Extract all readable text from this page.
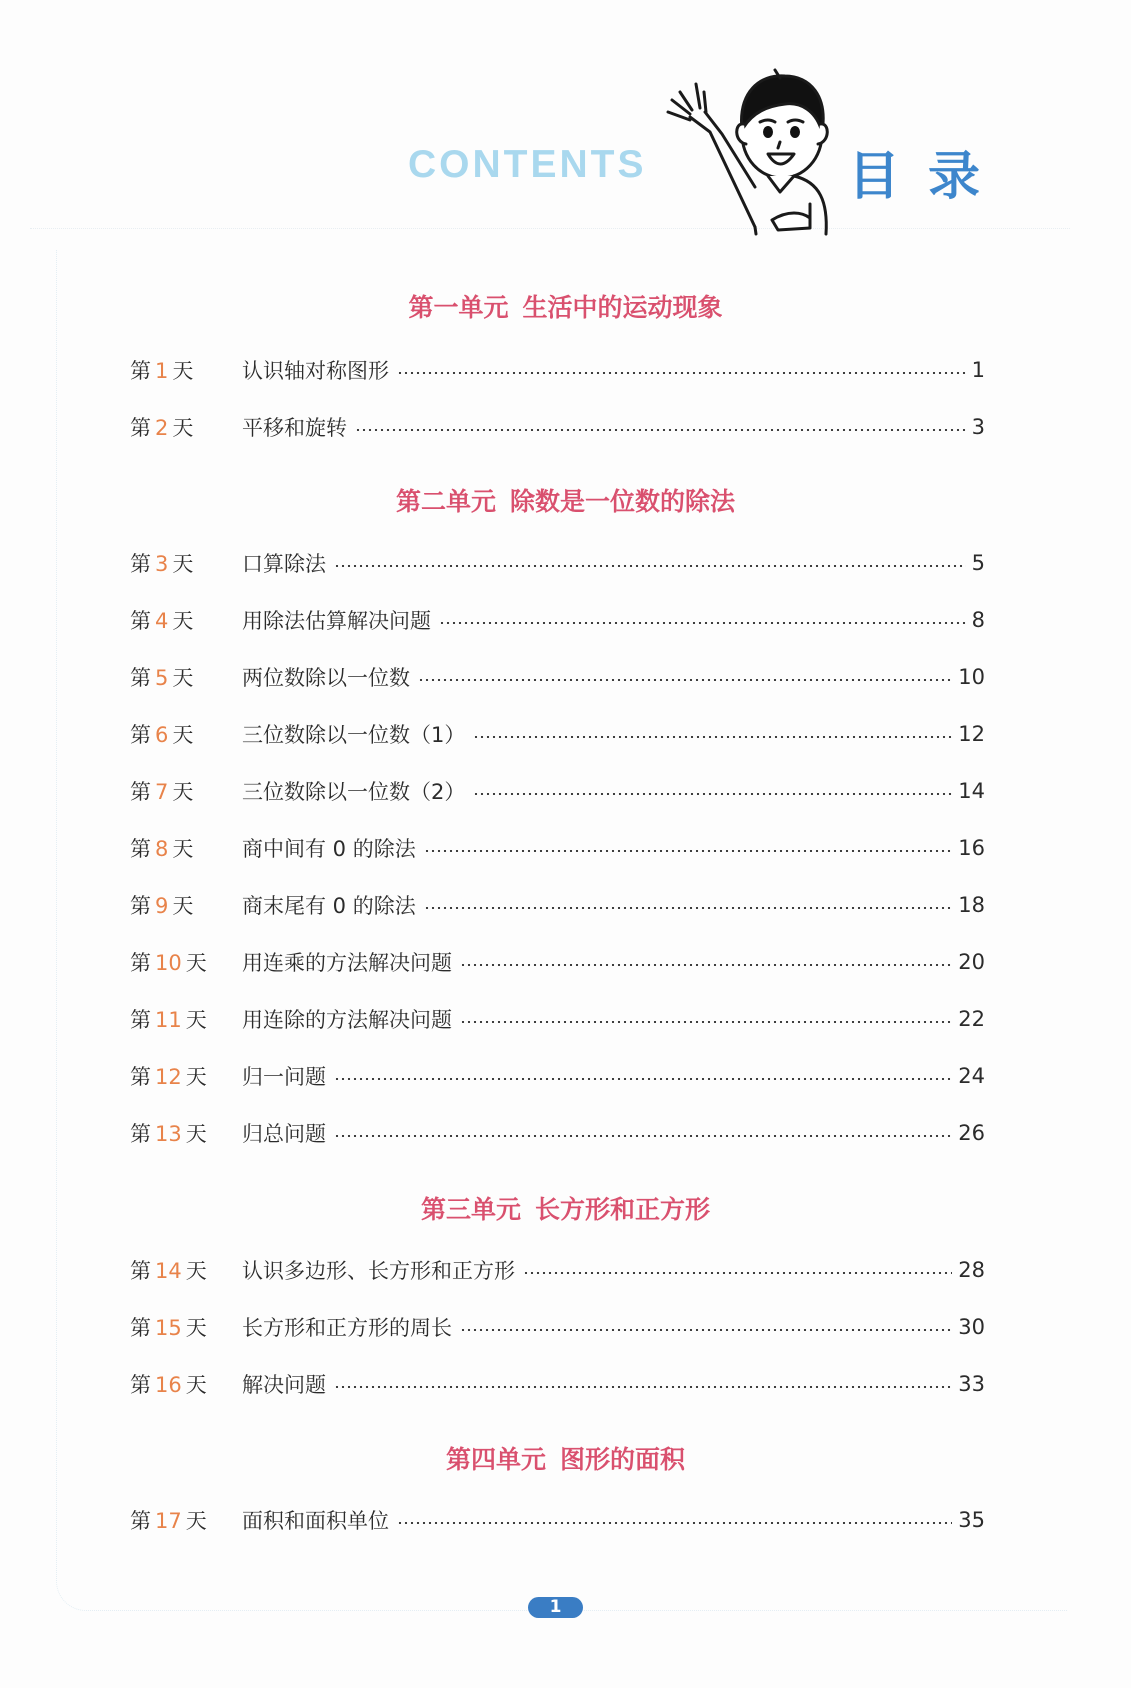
CONTENTS	目录
第一单元 生活中的运动现象
第 1 天	认识轴对称图形	1
第 2 天	平移和旋转	3
第二单元 除数是一位数的除法
第 3 天	口算除法	5
第 4 天	用除法估算解决问题	8
第 5 天	两位数除以一位数	10
第 6 天	三位数除以一位数（1）	12
第 7 天	三位数除以一位数（2）	14
第 8 天	商中间有 0 的除法	16
第 9 天	商末尾有 0 的除法	18
第 10 天	用连乘的方法解决问题	20
第 11 天	用连除的方法解决问题	22
第 12 天	归一问题	24
第 13 天	归总问题	26
第三单元 长方形和正方形
第 14 天	认识多边形、长方形和正方形	28
第 15 天	长方形和正方形的周长	30
第 16 天	解决问题	33
第四单元 图形的面积
第 17 天	面积和面积单位	35
1
